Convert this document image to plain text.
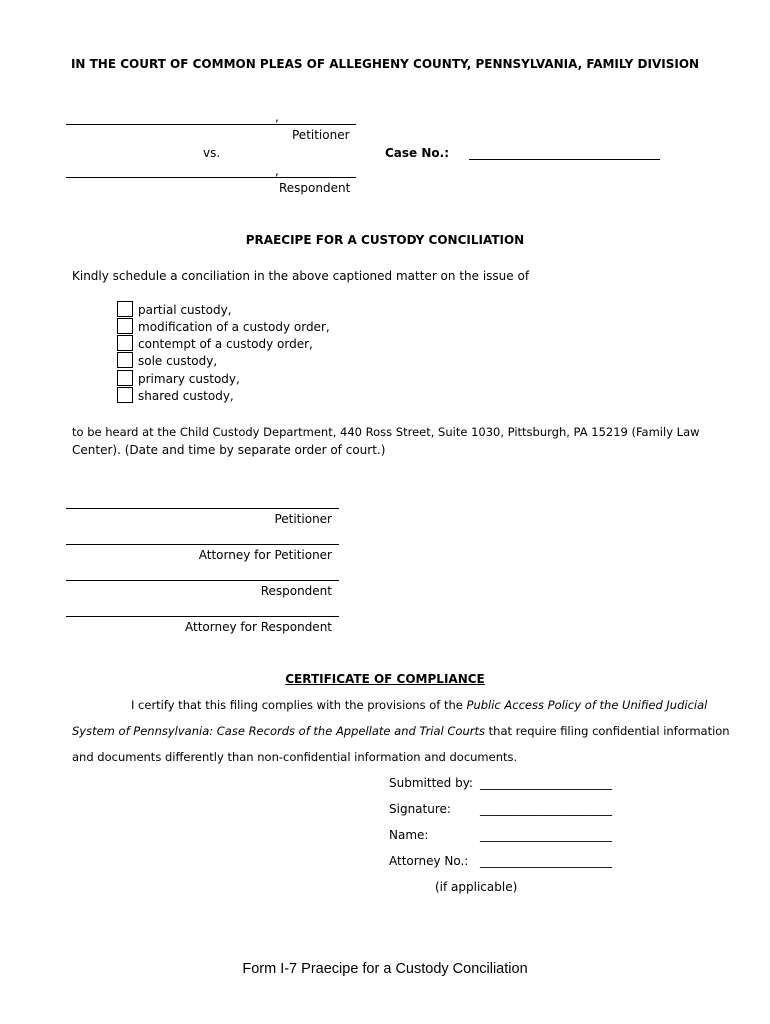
IN THE COURT OF COMMON PLEAS OF ALLEGHENY COUNTY, PENNSYLVANIA, FAMILY DIVISION
,
Petitioner
vs.	Case No.:
,
Respondent
PRAECIPE FOR A CUSTODY CONCILIATION
Kindly schedule a conciliation in the above captioned matter on the issue of
partial custody,
modification of a custody order,
contempt of a custody order,
sole custody,
primary custody,
shared custody,
to be heard at the Child Custody Department, 440 Ross Street, Suite 1030, Pittsburgh, PA 15219 (Family Law
Center). (Date and time by separate order of court.)
Petitioner
Attorney for Petitioner
Respondent
Attorney for Respondent
CERTIFICATE OF COMPLIANCE
I certify that this filing complies with the provisions of the Public Access Policy of the Unified Judicial
System of Pennsylvania: Case Records of the Appellate and Trial Courts that require filing confidential information
and documents differently than non-confidential information and documents.
Submitted by: ______________________
Signature: ______________________
Name:	______________________
Attorney No.: ______________________
(if applicable)
Form I-7 Praecipe for a Custody Conciliation
